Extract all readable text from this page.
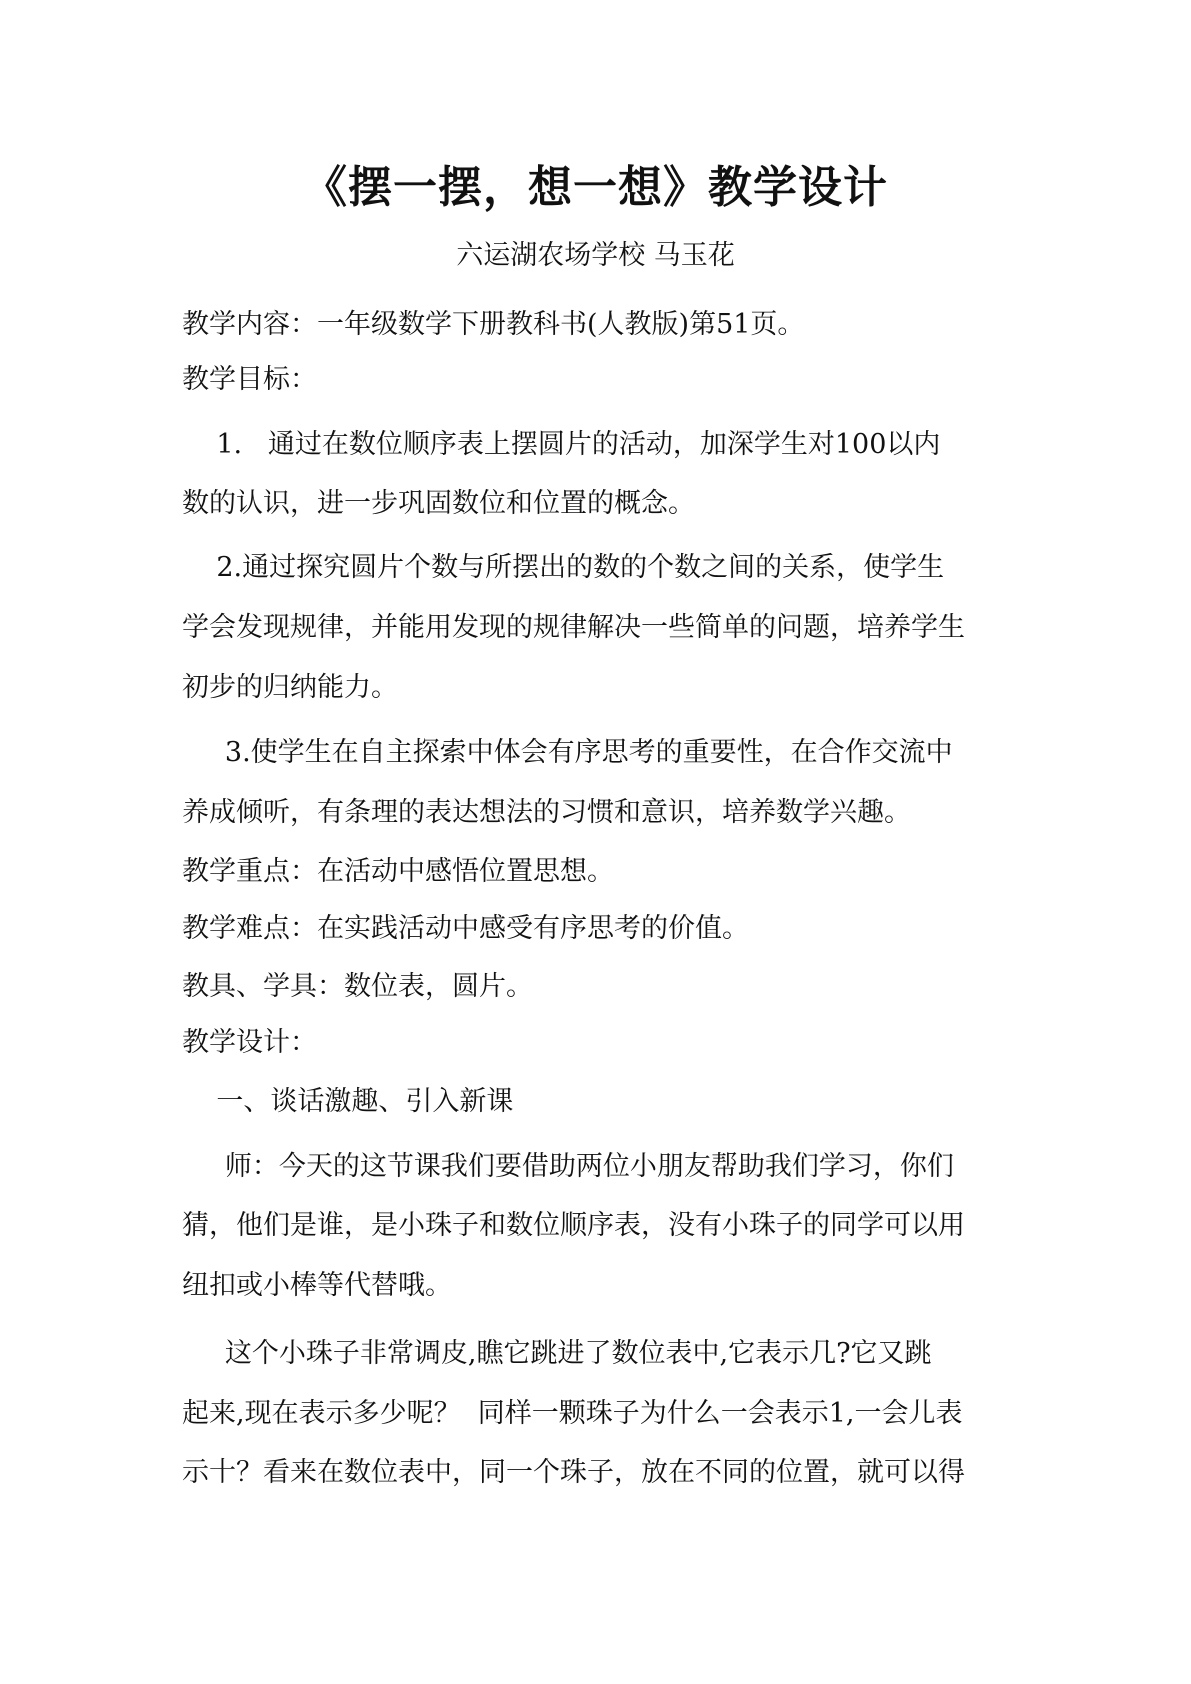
《摆一摆，想一想》教学设计
六运湖农场学校 马玉花
教学内容：一年级数学下册教科书(人教版)第51页。
教学目标：
1.   通过在数位顺序表上摆圆片的活动，加深学生对100以内
数的认识，进一步巩固数位和位置的概念。
2.通过探究圆片个数与所摆出的数的个数之间的关系，使学生
学会发现规律，并能用发现的规律解决一些简单的问题，培养学生
初步的归纳能力。
3.使学生在自主探索中体会有序思考的重要性，在合作交流中
养成倾听，有条理的表达想法的习惯和意识，培养数学兴趣。
教学重点：在活动中感悟位置思想。
教学难点：在实践活动中感受有序思考的价值。
教具、学具：数位表，圆片。
教学设计：
一、谈话激趣、引入新课
师：今天的这节课我们要借助两位小朋友帮助我们学习，你们
猜，他们是谁，是小珠子和数位顺序表，没有小珠子的同学可以用
纽扣或小棒等代替哦。
这个小珠子非常调皮,瞧它跳进了数位表中,它表示几?它又跳
起来,现在表示多少呢？  同样一颗珠子为什么一会表示1,一会儿表
示十？看来在数位表中，同一个珠子，放在不同的位置，就可以得
